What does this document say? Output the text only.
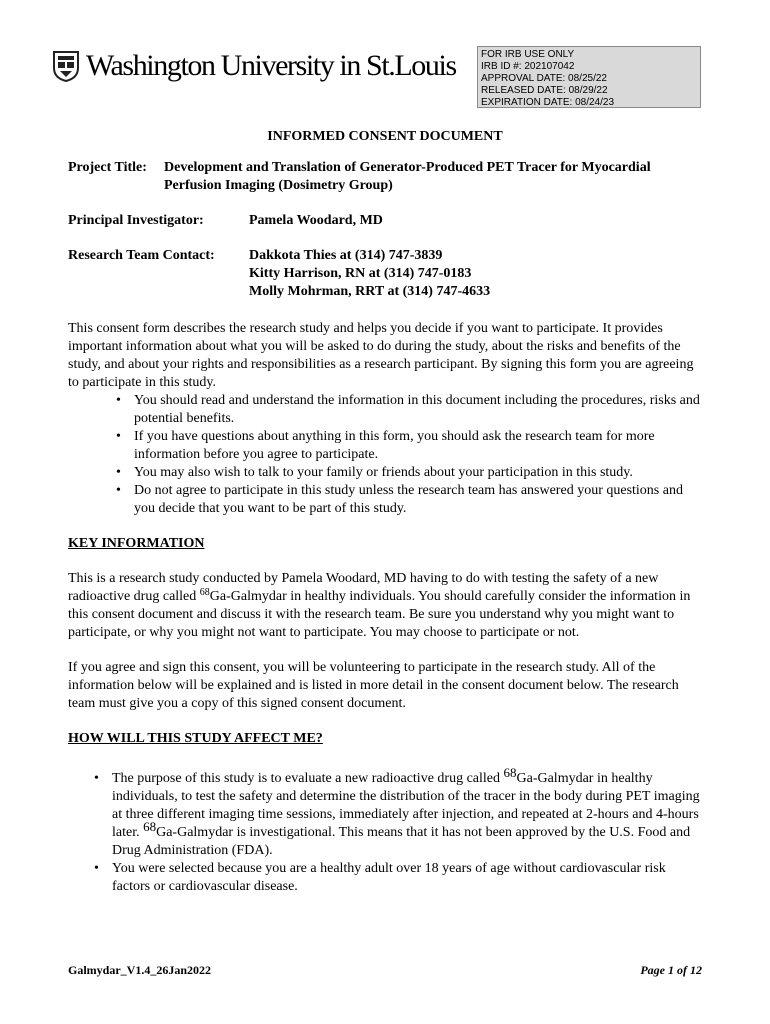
Washington University in St.Louis	FOR IRB USE ONLY
IRB ID #: 202107042
APPROVAL DATE: 08/25/22
RELEASED DATE: 08/29/22
EXPIRATION DATE: 08/24/23

INFORMED CONSENT DOCUMENT

Project Title:	Development and Translation of Generator-Produced PET Tracer for Myocardial
Perfusion Imaging (Dosimetry Group)
Principal Investigator:	Pamela Woodard, MD
Research Team Contact:	Dakkota Thies at (314) 747-3839
Kitty Harrison, RN at (314) 747-0183
Molly Mohrman, RRT at (314) 747-4633

This consent form describes the research study and helps you decide if you want to participate. It provides important information about what you will be asked to do during the study, about the risks and benefits of the study, and about your rights and responsibilities as a research participant. By signing this form you are agreeing to participate in this study.

• You should read and understand the information in this document including the procedures, risks and potential benefits.
• If you have questions about anything in this form, you should ask the research team for more information before you agree to participate.
• You may also wish to talk to your family or friends about your participation in this study.
• Do not agree to participate in this study unless the research team has answered your questions and you decide that you want to be part of this study.

KEY INFORMATION

This is a research study conducted by Pamela Woodard, MD having to do with testing the safety of a new radioactive drug called $^{68}$Ga-Galmydar in healthy individuals. You should carefully consider the information in this consent document and discuss it with the research team. Be sure you understand why you might want to participate, or why you might not want to participate. You may choose to participate or not.

If you agree and sign this consent, you will be volunteering to participate in the research study. All of the information below will be explained and is listed in more detail in the consent document below. The research team must give you a copy of this signed consent document.

HOW WILL THIS STUDY AFFECT ME?

• The purpose of this study is to evaluate a new radioactive drug called $^{68}$Ga-Galmydar in healthy individuals, to test the safety and determine the distribution of the tracer in the body during PET imaging at three different imaging time sessions, immediately after injection, and repeated at 2-hours and 4-hours later. $^{68}$Ga-Galmydar is investigational. This means that it has not been approved by the U.S. Food and Drug Administration (FDA).
• You were selected because you are a healthy adult over 18 years of age without cardiovascular risk factors or cardiovascular disease.
Galmydar_V1.4_26Jan2022	Page 1 of 12
